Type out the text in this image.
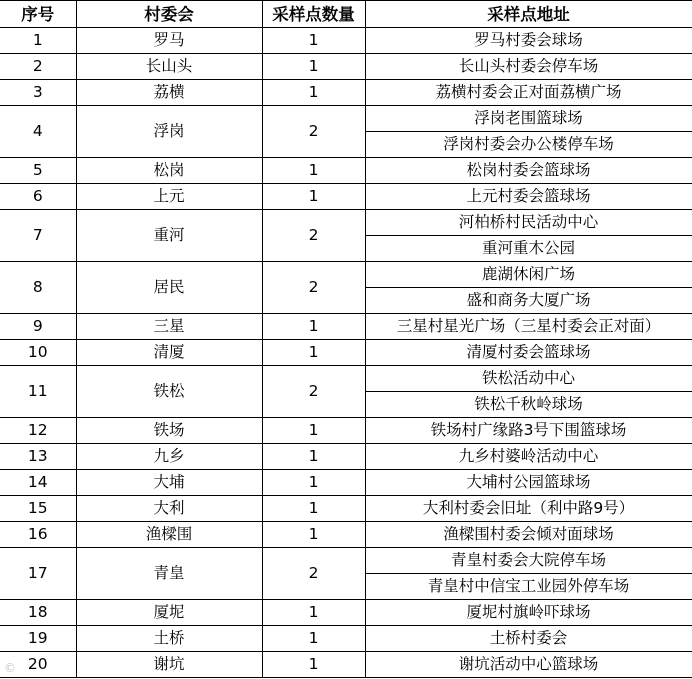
序号	村委会	采样点数量	采样点地址
1	罗马	1	罗马村委会球场
2	长山头	1	长山头村委会停车场
3	荔横	1	荔横村委会正对面荔横广场
4	浮岗	2	浮岗老围篮球场
			浮岗村委会办公楼停车场
5	松岗	1	松岗村委会篮球场
6	上元	1	上元村委会篮球场
7	重河	2	河柏桥村民活动中心
			重河重木公园
8	居民	2	鹿湖休闲广场
			盛和商务大厦广场
9	三星	1	三星村星光广场（三星村委会正对面）
10	清厦	1	清厦村委会篮球场
11	铁松	2	铁松活动中心
			铁松千秋岭球场
12	铁场	1	铁场村广缘路3号下围篮球场
13	九乡	1	九乡村婆岭活动中心
14	大埔	1	大埔村公园篮球场
15	大利	1	大利村委会旧址（利中路9号）
16	渔樑围	1	渔樑围村委会倾对面球场
17	青皇	2	青皇村委会大院停车场
			青皇村中信宝工业园外停车场
18	厦坭	1	厦坭村旗岭吓球场
19	土桥	1	土桥村委会
20	谢坑	1	谢坑活动中心篮球场
©
